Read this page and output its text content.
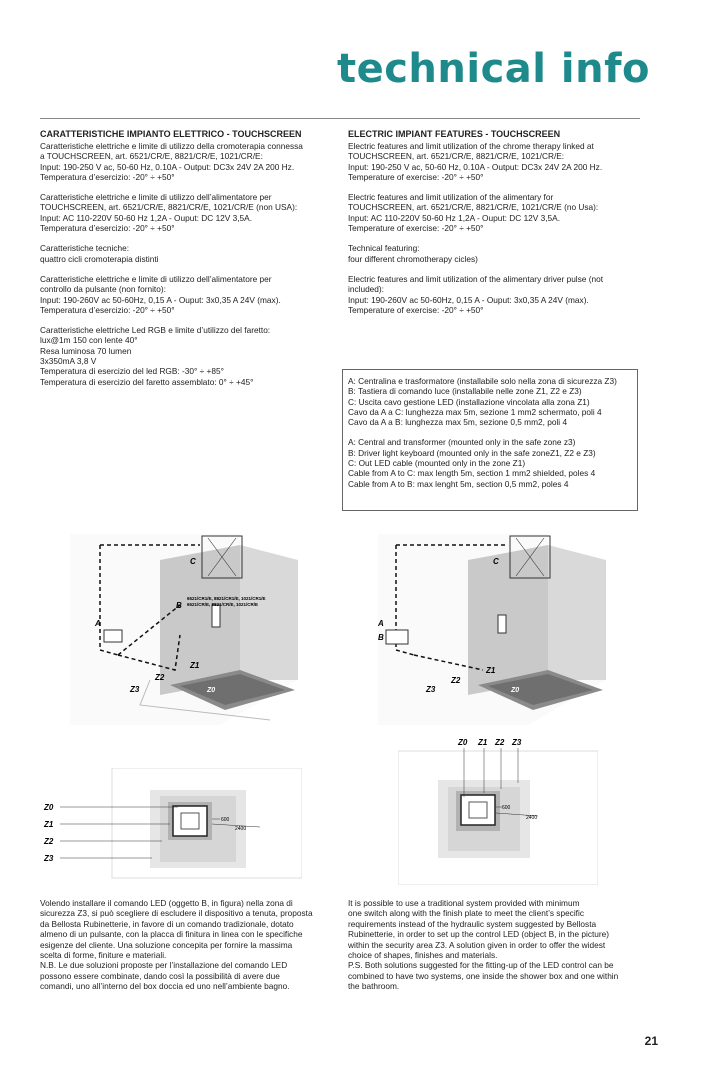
technical info
CARATTERISTICHE IMPIANTO ELETTRICO - TOUCHSCREEN
Caratteristiche elettriche e limite di utilizzo della cromoterapia connessa
a TOUCHSCREEN, art. 6521/CR/E, 8821/CR/E, 1021/CR/E:
Input: 190-250 V ac, 50-60 Hz, 0.10A - Output: DC3x 24V 2A 200 Hz.
Temperatura d’esercizio: -20° ÷ +50°
Caratteristiche elettriche e limite di utilizzo dell’alimentatore per
TOUCHSCREEN, art. 6521/CR/E, 8821/CR/E, 1021/CR/E (non USA):
Input: AC 110-220V 50-60 Hz 1,2A - Ouput: DC 12V 3,5A.
Temperatura d’esercizio: -20° ÷ +50°
Caratteristiche tecniche:
quattro cicli cromoterapia distinti
Caratteristiche elettriche e limite di utilizzo dell’alimentatore per
controllo da pulsante (non fornito):
Input: 190-260V ac 50-60Hz, 0,15 A - Ouput: 3x0,35 A 24V (max).
Temperatura d’esercizio: -20° ÷ +50°
Caratteristiche elettriche Led RGB e limite d’utilizzo del faretto:
lux@1m 150 con lente 40°
Resa luminosa 70 lumen
3x350mA 3,8 V
Temperatura di esercizio del led RGB: -30° ÷ +85°
Temperatura di esercizio del faretto assemblato: 0° ÷ +45°
ELECTRIC IMPIANT FEATURES - TOUCHSCREEN
Electric features and limit utilization of the chrome therapy linked at
TOUCHSCREEN, art. 6521/CR/E, 8821/CR/E, 1021/CR/E:
Input: 190-250 V ac, 50-60 Hz, 0.10A - Output: DC3x 24V 2A 200 Hz.
Temperature of exercise: -20° ÷ +50°
Electric features and limit utilization of the alimentary for
TOUCHSCREEN, art. 6521/CR/E, 8821/CR/E, 1021/CR/E (no Usa):
Input: AC 110-220V 50-60 Hz 1,2A - Ouput: DC 12V 3,5A.
Temperature of exercise: -20° ÷ +50°
Technical featuring:
four different chromotherapy cicles)
Electric features and limit utilization of the alimentary driver pulse (not
included):
Input: 190-260V ac 50-60Hz, 0,15 A - Ouput: 3x0,35 A 24V (max).
Temperature of exercise: -20° ÷ +50°
A: Centralina e trasformatore (installabile solo nella zona di sicurezza Z3)
B: Tastiera di comando luce (installabile nelle zone Z1, Z2 e Z3)
C: Uscita cavo gestione LED (installazione vincolata alla zona Z1)
Cavo da A a C: lunghezza max 5m, sezione 1 mm2 schermato, poli 4
Cavo da A a B: lunghezza max 5m, sezione 0,5 mm2, poli 4
A: Central and transformer (mounted only in the safe zone z3)
B: Driver light keyboard (mounted only in the safe zoneZ1, Z2 e Z3)
C: Out LED cable (mounted only in the zone Z1)
Cable from A to C: max length 5m, section 1 mm2 shielded, poles 4
Cable from A to B: max lenght 5m, section 0,5 mm2, poles 4
A
B
C
6521/CR1/E, 8821/CR1/E, 1021/CR1/E
6521/CR/E, 8821/CR/E, 1021/CR/E
Z1
Z2
Z3	Z0
A
B
C
Z1
Z2
Z3	Z0
600
2400
Z0
Z1
Z2
Z3
600
2400
Z0 Z1 Z2 Z3
Volendo installare il comando LED (oggetto B, in figura) nella zona di
sicurezza Z3, si può scegliere di escludere il dispositivo a tenuta, proposta
da Bellosta Rubinetterie, in favore di un comando tradizionale, dotato
almeno di un pulsante, con la placca di finitura in linea con le specifiche
esigenze del cliente. Una soluzione concepita per fornire la massima
scelta di forme, finiture e materiali.
N.B. Le due soluzioni proposte per l’installazione del comando LED
possono essere combinate, dando così la possibilità di avere due
comandi, uno all’interno del box doccia ed uno nell’ambiente bagno.
It is possible to use a traditional system provided with minimum
one switch along with the finish plate to meet the client’s specific
requirements instead of the hydraulic system suggested by Bellosta
Rubinetterie, in order to set up the control LED (object B, in the picture)
within the security area Z3. A solution given in order to offer the widest
choice of shapes, finishes and materials.
P.S. Both solutions suggested for the fitting-up of the LED control can be
combined to have two systems, one inside the shower box and one within
the bathroom.
21
